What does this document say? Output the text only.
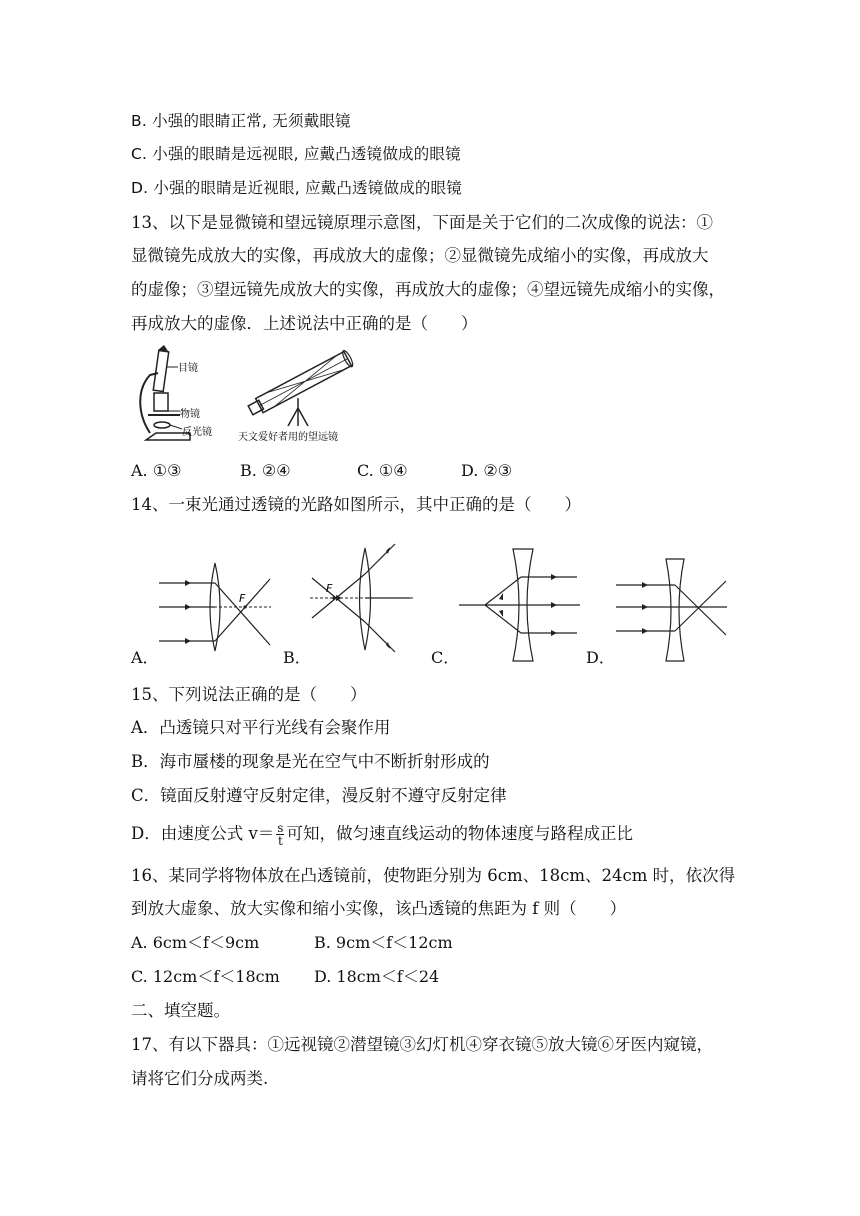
B. 小强的眼睛正常, 无须戴眼镜
C. 小强的眼睛是远视眼, 应戴凸透镜做成的眼镜
D. 小强的眼睛是近视眼, 应戴凸透镜做成的眼镜
13、以下是显微镜和望远镜原理示意图，下面是关于它们的二次成像的说法：①
显微镜先成放大的实像，再成放大的虚像；②显微镜先成缩小的实像，再成放大
的虚像；③望远镜先成放大的实像，再成放大的虚像；④望远镜先成缩小的实像，
再成放大的虚像．上述说法中正确的是（　　）
目镜
物镜
反光镜	天文爱好者用的望远镜
A. ①③	B. ②④	C. ①④	D. ②③
14、一束光通过透镜的光路如图所示，其中正确的是（　　）
F
F
A．	B．	C．	D．
15、下列说法正确的是（　　）
A．凸透镜只对平行光线有会聚作用
B．海市蜃楼的现象是光在空气中不断折射形成的
C．镜面反射遵守反射定律，漫反射不遵守反射定律
D．由速度公式 $v= \frac{s}{t}$ 可知，做匀速直线运动的物体速度与路程成正比
16、某同学将物体放在凸透镜前，使物距分别为 6cm、18cm、24cm 时，依次得
到放大虚象、放大实像和缩小实像，该凸透镜的焦距为 f 则（　　）
A. 6cm＜f＜9cm	B. 9cm＜f＜12cm
C. 12cm＜f＜18cm D. 18cm＜f＜24
二、填空题。
17、有以下器具：①远视镜②潜望镜③幻灯机④穿衣镜⑤放大镜⑥牙医内窥镜，
请将它们分成两类.
